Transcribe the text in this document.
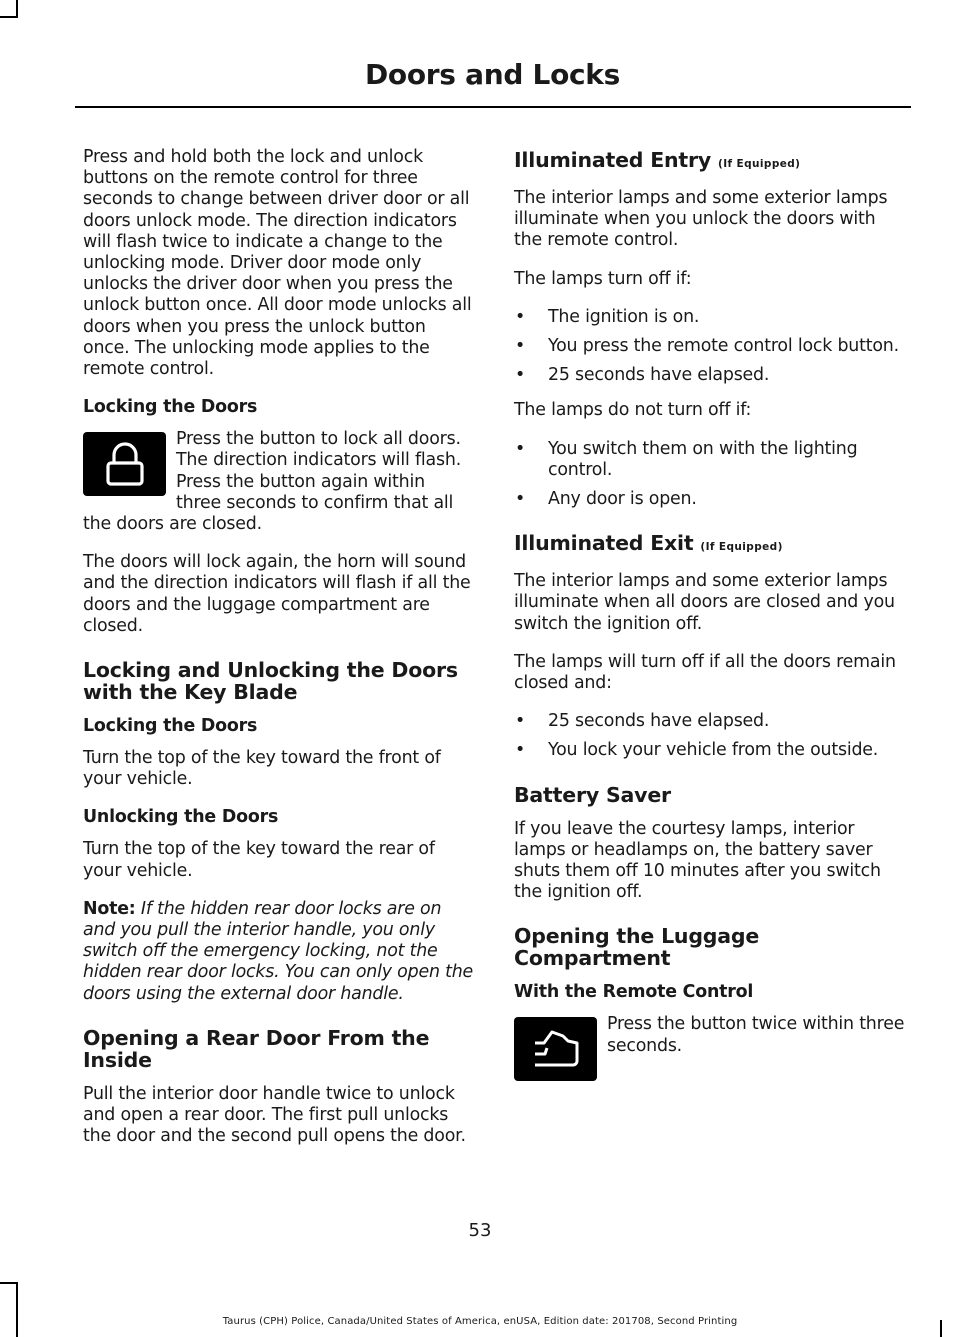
Doors and Locks

Press and hold both the lock and unlock buttons on the remote control for three seconds to change between driver door or all doors unlock mode. The direction indicators will flash twice to indicate a change to the unlocking mode. Driver door mode only unlocks the driver door when you press the unlock button once. All door mode unlocks all doors when you press the unlock button once. The unlocking mode applies to the remote control.

Locking the Doors

Press the button to lock all doors. The direction indicators will flash. Press the button again within three seconds to confirm that all the doors are closed.

The doors will lock again, the horn will sound and the direction indicators will flash if all the doors and the luggage compartment are closed.

Locking and Unlocking the Doors with the Key Blade
Locking the Doors

Turn the top of the key toward the front of your vehicle.

Unlocking the Doors

Turn the top of the key toward the rear of your vehicle.

Note: If the hidden rear door locks are on and you pull the interior handle, you only switch off the emergency locking, not the hidden rear door locks. You can only open the doors using the external door handle.

Opening a Rear Door From the Inside

Pull the interior door handle twice to unlock and open a rear door. The first pull unlocks the door and the second pull opens the door.

Illuminated Entry (If Equipped)

The interior lamps and some exterior lamps illuminate when you unlock the doors with the remote control.

The lamps turn off if:

• The ignition is on.
• You press the remote control lock button.
• 25 seconds have elapsed.

The lamps do not turn off if:

• You switch them on with the lighting control.
• Any door is open.
Illuminated Exit (If Equipped)

The interior lamps and some exterior lamps illuminate when all doors are closed and you switch the ignition off.

The lamps will turn off if all the doors remain closed and:

• 25 seconds have elapsed.
• You lock your vehicle from the outside.
Battery Saver

If you leave the courtesy lamps, interior lamps or headlamps on, the battery saver shuts them off 10 minutes after you switch the ignition off.

Opening the Luggage Compartment
With the Remote Control

Press the button twice within three seconds.

53
Taurus (CPH) Police, Canada/United States of America, enUSA, Edition date: 201708, Second Printing
